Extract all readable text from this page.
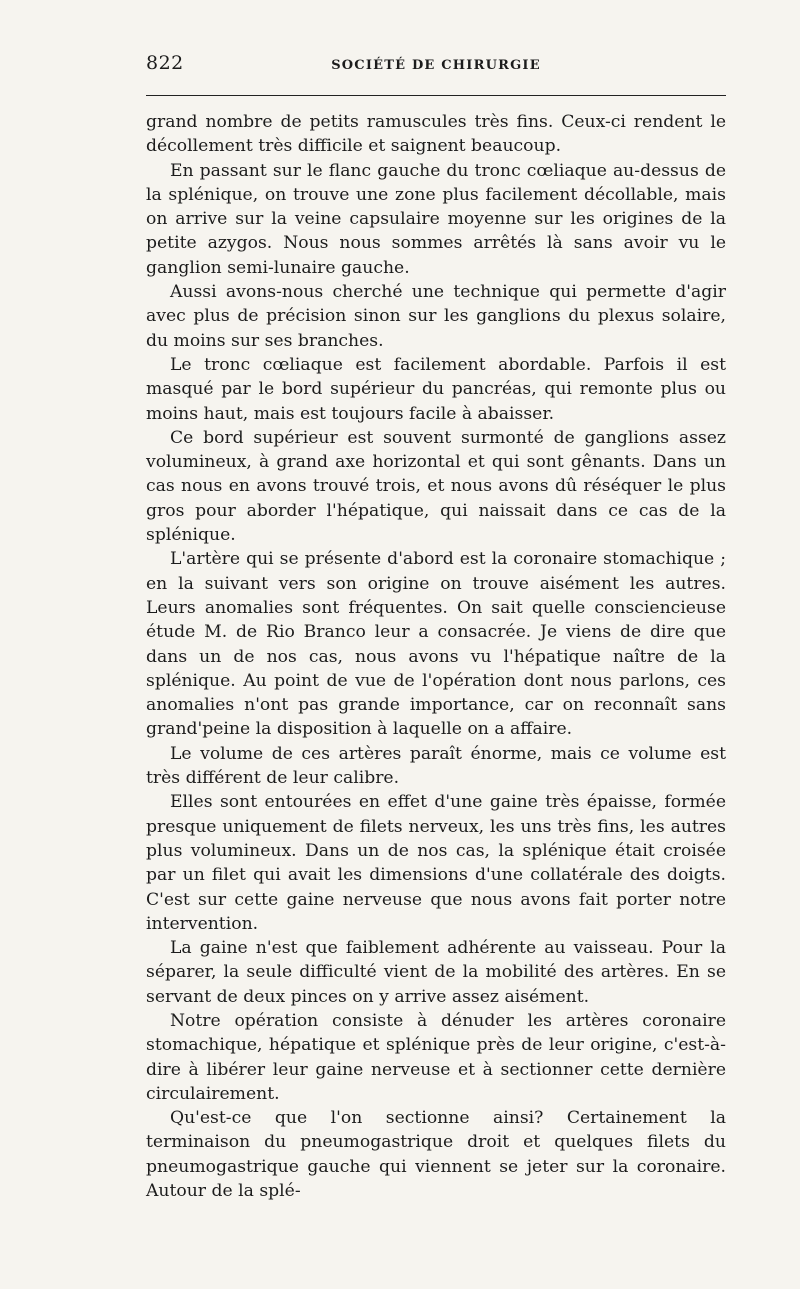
822	SOCIÉTÉ DE CHIRURGIE

grand nombre de petits ramuscules très fins. Ceux-ci rendent le décollement très difficile et saignent beaucoup.

En passant sur le flanc gauche du tronc cœliaque au-dessus de la splénique, on trouve une zone plus facilement décollable, mais on arrive sur la veine capsulaire moyenne sur les origines de la petite azygos. Nous nous sommes arrêtés là sans avoir vu le ganglion semi-lunaire gauche.

Aussi avons-nous cherché une technique qui permette d'agir avec plus de précision sinon sur les ganglions du plexus solaire, du moins sur ses branches.

Le tronc cœliaque est facilement abordable. Parfois il est masqué par le bord supérieur du pancréas, qui remonte plus ou moins haut, mais est toujours facile à abaisser.

Ce bord supérieur est souvent surmonté de ganglions assez volumineux, à grand axe horizontal et qui sont gênants. Dans un cas nous en avons trouvé trois, et nous avons dû réséquer le plus gros pour aborder l'hépatique, qui naissait dans ce cas de la splénique.

L'artère qui se présente d'abord est la coronaire stomachique ; en la suivant vers son origine on trouve aisément les autres. Leurs anomalies sont fréquentes. On sait quelle consciencieuse étude M. de Rio Branco leur a consacrée. Je viens de dire que dans un de nos cas, nous avons vu l'hépatique naître de la splénique. Au point de vue de l'opération dont nous parlons, ces anomalies n'ont pas grande importance, car on reconnaît sans grand'peine la disposition à laquelle on a affaire.

Le volume de ces artères paraît énorme, mais ce volume est très différent de leur calibre.

Elles sont entourées en effet d'une gaine très épaisse, formée presque uniquement de filets nerveux, les uns très fins, les autres plus volumineux. Dans un de nos cas, la splénique était croisée par un filet qui avait les dimensions d'une collatérale des doigts. C'est sur cette gaine nerveuse que nous avons fait porter notre intervention.

La gaine n'est que faiblement adhérente au vaisseau. Pour la séparer, la seule difficulté vient de la mobilité des artères. En se servant de deux pinces on y arrive assez aisément.

Notre opération consiste à dénuder les artères coronaire stomachique, hépatique et splénique près de leur origine, c'est-à-dire à libérer leur gaine nerveuse et à sectionner cette dernière circulairement.

Qu'est-ce que l'on sectionne ainsi? Certainement la terminaison du pneumogastrique droit et quelques filets du pneumogastrique gauche qui viennent se jeter sur la coronaire. Autour de la splé-
